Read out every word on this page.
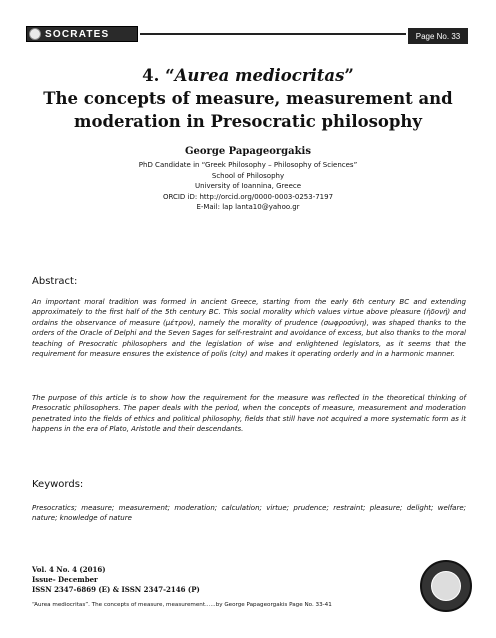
SOCRATES	Page No. 33
4. “Aurea mediocritas”
The concepts of measure, measurement and
moderation in Presocratic philosophy
George Papageorgakis
PhD Candidate in “Greek Philosophy – Philosophy of Sciences”
School of Philosophy
University of Ioannina, Greece
ORCID iD: http://orcid.org/0000-0003-0253-7197
E-Mail: lap lanta10@yahoo.gr
Abstract:
An important moral tradition was formed in ancient Greece, starting from the early 6th century BC and extending approximately to the first half of the 5th century BC. This social morality which values virtue above pleasure (ἡδονή) and ordains the observance of measure (μέτρον), namely the morality of prudence (σωφροσύνη), was shaped thanks to the orders of the Oracle of Delphi and the Seven Sages for self-restraint and avoidance of excess, but also thanks to the moral teaching of Presocratic philosophers and the legislation of wise and enlightened legislators, as it seems that the requirement for measure ensures the existence of polis (city) and makes it operating orderly and in a harmonic manner.
The purpose of this article is to show how the requirement for the measure was reflected in the theoretical thinking of Presocratic philosophers. The paper deals with the period, when the concepts of measure, measurement and moderation penetrated into the fields of ethics and political philosophy, fields that still have not acquired a more systematic form as it happens in the era of Plato, Aristotle and their descendants.
Keywords:
Presocratics; measure; measurement; moderation; calculation; virtue; prudence; restraint; pleasure; delight; welfare; nature; knowledge of nature
Vol. 4 No. 4 (2016)
Issue- December
ISSN 2347-6869 (E) & ISSN 2347-2146 (P)
“Aurea mediocritas”. The concepts of measure, measurement......by George Papageorgakis Page No. 33-41
